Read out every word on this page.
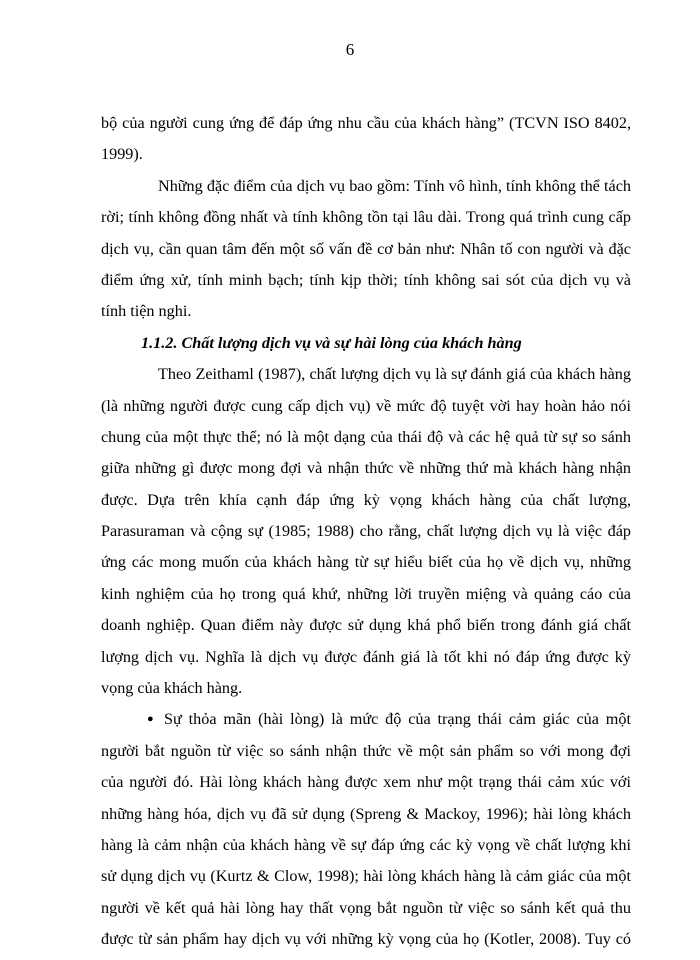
6
bộ của người cung ứng để đáp ứng nhu cầu của khách hàng” (TCVN ISO 8402,
1999).
Những đặc điểm của dịch vụ bao gồm: Tính vô hình, tính không thể tách
rời; tính không đồng nhất và tính không tồn tại lâu dài. Trong quá trình cung cấp
dịch vụ, cần quan tâm đến một số vấn đề cơ bản như: Nhân tố con người và đặc
điểm ứng xử, tính minh bạch; tính kịp thời; tính không sai sót của dịch vụ và
tính tiện nghi.
1.1.2. Chất lượng dịch vụ và sự hài lòng của khách hàng
Theo Zeithaml (1987), chất lượng dịch vụ là sự đánh giá của khách hàng
(là những người được cung cấp dịch vụ) về mức độ tuyệt vời hay hoàn hảo nói
chung của một thực thể; nó là một dạng của thái độ và các hệ quả từ sự so sánh
giữa những gì được mong đợi và nhận thức về những thứ mà khách hàng nhận
được. Dựa trên khía cạnh đáp ứng kỳ vọng khách hàng của chất lượng,
Parasuraman và cộng sự (1985; 1988) cho rằng, chất lượng dịch vụ là việc đáp
ứng các mong muốn của khách hàng từ sự hiểu biết của họ về dịch vụ, những
kinh nghiệm của họ trong quá khứ, những lời truyền miệng và quảng cáo của
doanh nghiệp. Quan điểm này được sử dụng khá phổ biến trong đánh giá chất
lượng dịch vụ. Nghĩa là dịch vụ được đánh giá là tốt khi nó đáp ứng được kỳ
vọng của khách hàng.
● Sự thỏa mãn (hài lòng) là mức độ của trạng thái cảm giác của một
người bắt nguồn từ việc so sánh nhận thức về một sản phẩm so với mong đợi
của người đó. Hài lòng khách hàng được xem như một trạng thái cảm xúc với
những hàng hóa, dịch vụ đã sử dụng (Spreng & Mackoy, 1996); hài lòng khách
hàng là cảm nhận của khách hàng về sự đáp ứng các kỳ vọng về chất lượng khi
sử dụng dịch vụ (Kurtz & Clow, 1998); hài lòng khách hàng là cảm giác của một
người về kết quả hài lòng hay thất vọng bắt nguồn từ việc so sánh kết quả thu
được từ sản phẩm hay dịch vụ với những kỳ vọng của họ (Kotler, 2008). Tuy có
